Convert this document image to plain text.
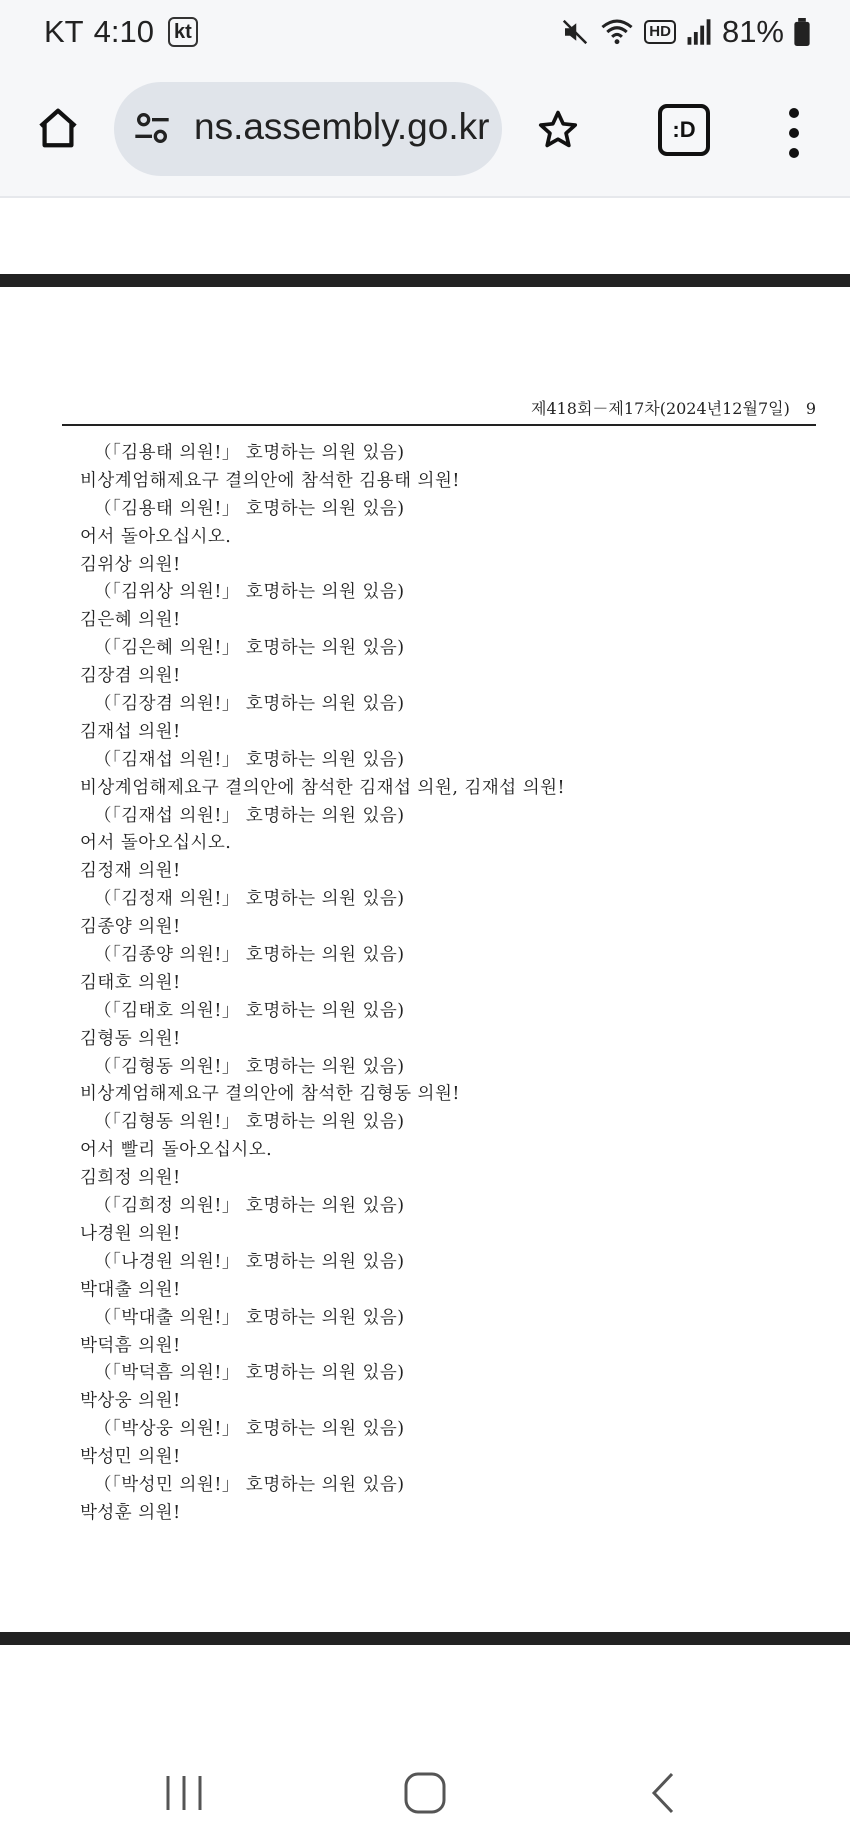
KT 4:10	kt	HD 81%
ns.assembly.go.kr	:D
제418회－제17차(2024년12월7일)　9
（「김용태 의원!」 호명하는 의원 있음)
비상계엄해제요구 결의안에 참석한 김용태 의원!
（「김용태 의원!」 호명하는 의원 있음)
어서 돌아오십시오.
김위상 의원!
（「김위상 의원!」 호명하는 의원 있음)
김은혜 의원!
（「김은혜 의원!」 호명하는 의원 있음)
김장겸 의원!
（「김장겸 의원!」 호명하는 의원 있음)
김재섭 의원!
（「김재섭 의원!」 호명하는 의원 있음)
비상계엄해제요구 결의안에 참석한 김재섭 의원, 김재섭 의원!
（「김재섭 의원!」 호명하는 의원 있음)
어서 돌아오십시오.
김정재 의원!
（「김정재 의원!」 호명하는 의원 있음)
김종양 의원!
（「김종양 의원!」 호명하는 의원 있음)
김태호 의원!
（「김태호 의원!」 호명하는 의원 있음)
김형동 의원!
（「김형동 의원!」 호명하는 의원 있음)
비상계엄해제요구 결의안에 참석한 김형동 의원!
（「김형동 의원!」 호명하는 의원 있음)
어서 빨리 돌아오십시오.
김희정 의원!
（「김희정 의원!」 호명하는 의원 있음)
나경원 의원!
（「나경원 의원!」 호명하는 의원 있음)
박대출 의원!
（「박대출 의원!」 호명하는 의원 있음)
박덕흠 의원!
（「박덕흠 의원!」 호명하는 의원 있음)
박상웅 의원!
（「박상웅 의원!」 호명하는 의원 있음)
박성민 의원!
（「박성민 의원!」 호명하는 의원 있음)
박성훈 의원!
